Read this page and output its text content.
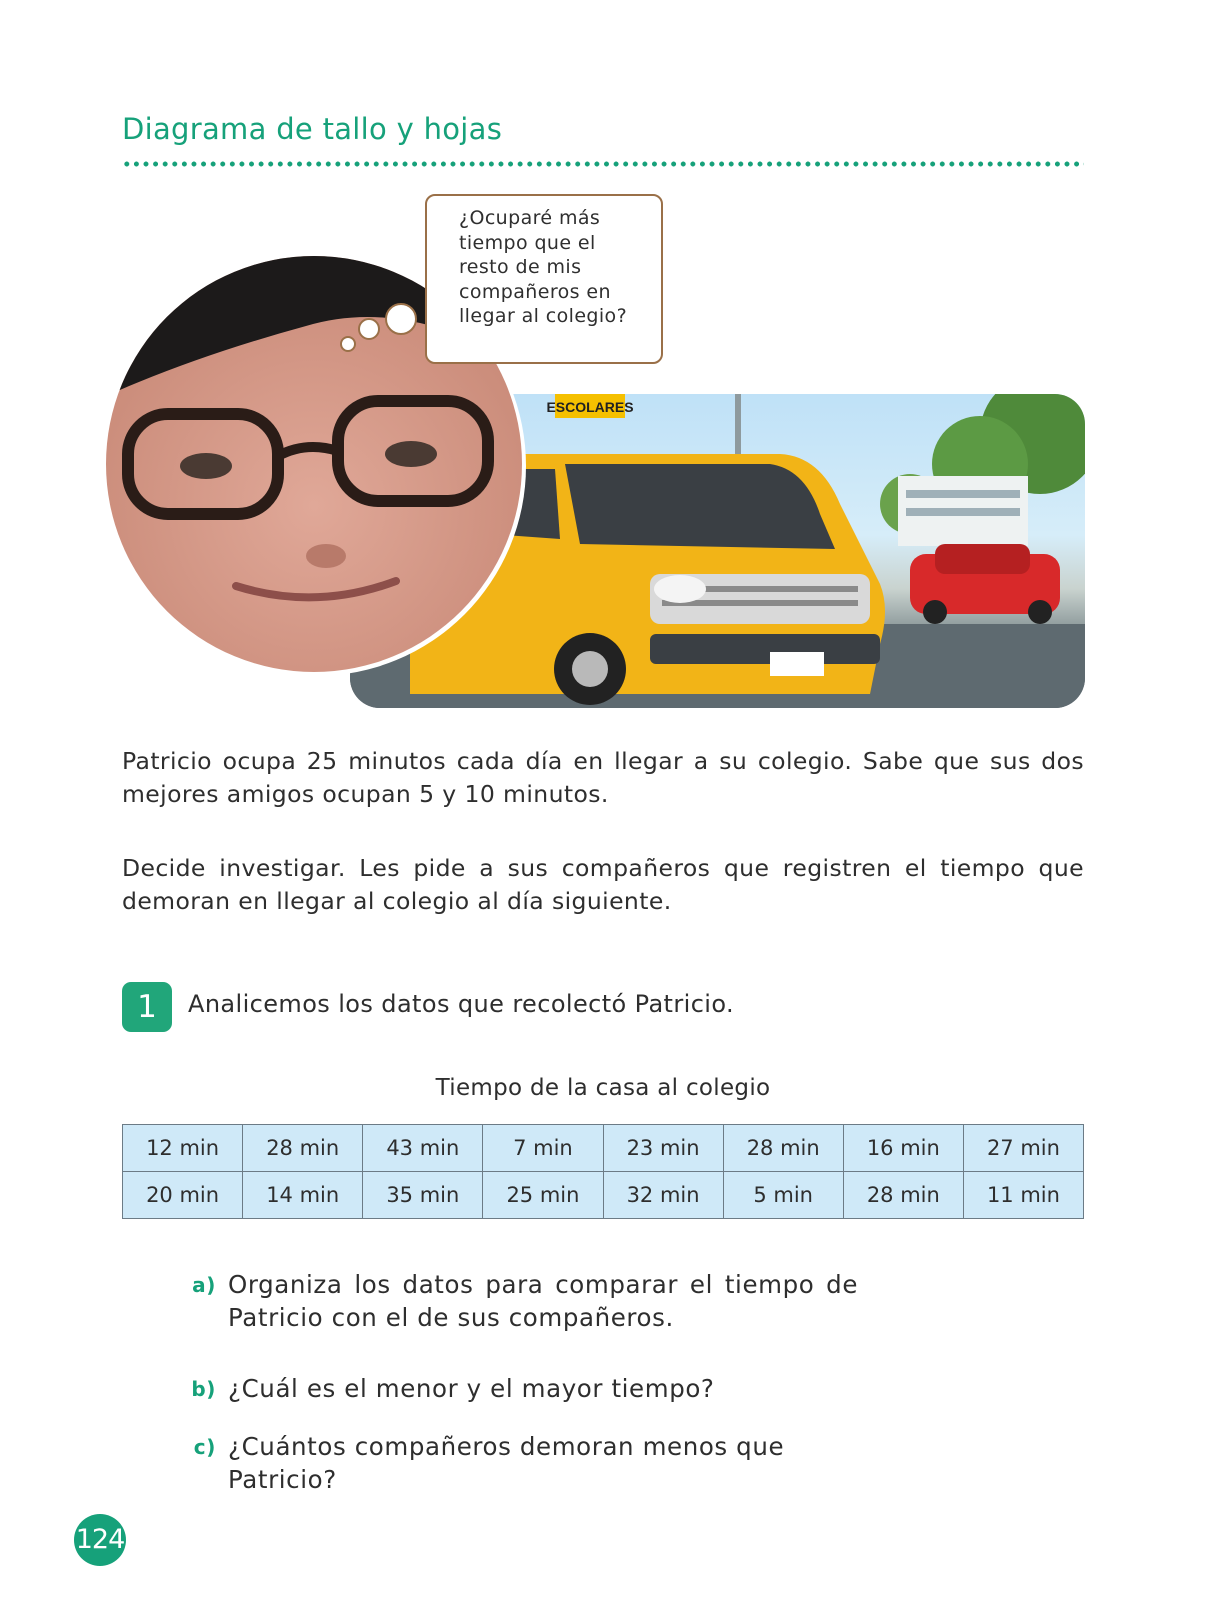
Diagrama de tallo y hojas
ESCOLARES
¿Ocuparé más
tiempo que el
resto de mis
compañeros en
llegar al colegio?
Patricio ocupa 25 minutos cada día en llegar a su colegio. Sabe que sus dos mejores amigos ocupan 5 y 10 minutos.
Decide investigar. Les pide a sus compañeros que registren el tiempo que demoran en llegar al colegio al día siguiente.
1	Analicemos los datos que recolectó Patricio.
Tiempo de la casa al colegio
12 min	28 min	43 min	7 min	23 min	28 min	16 min	27 min
20 min	14 min	35 min	25 min	32 min	5 min	28 min	11 min
a) Organiza los datos para comparar el tiempo de Patricio con el de sus compañeros.
b) ¿Cuál es el menor y el mayor tiempo?
c) ¿Cuántos compañeros demoran menos que Patricio?
124
